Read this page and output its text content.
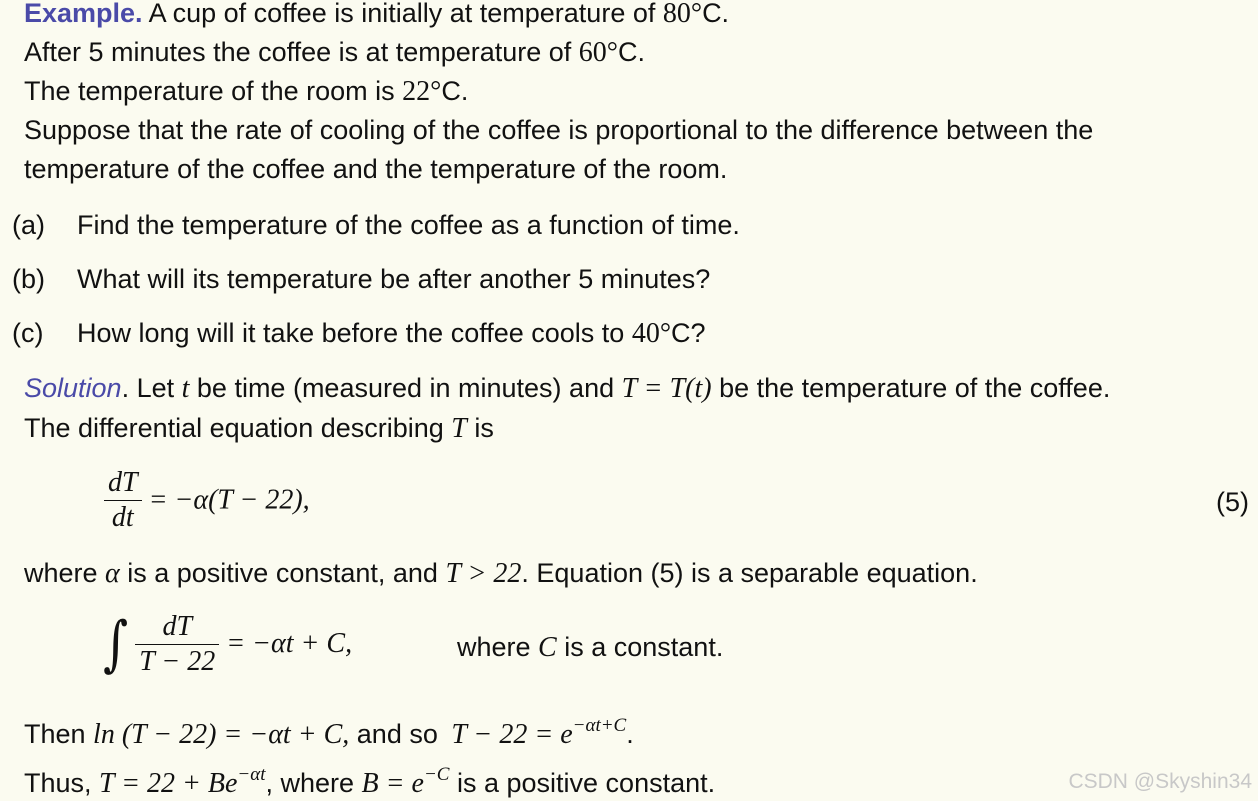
Example. A cup of coffee is initially at temperature of 80°C.
After 5 minutes the coffee is at temperature of 60°C.
The temperature of the room is 22°C.
Suppose that the rate of cooling of the coffee is proportional to the difference between the
temperature of the coffee and the temperature of the room.
(a) Find the temperature of the coffee as a function of time.
(b) What will its temperature be after another 5 minutes?
(c) How long will it take before the coffee cools to 40°C?
Solution. Let t be time (measured in minutes) and T = T(t) be the temperature of the coffee.
The differential equation describing T is
$\frac{dT}{dt} = -\alpha(T - 22)$,	(5)
where α is a positive constant, and T > 22. Equation (5) is a separable equation.
∫ $\frac{dT}{T - 22} = -\alpha t + C$,	where C is a constant.
Then ln (T − 22) = −αt + C, and so $T - 22 = e^{-\alpha t+C}$.
Thus, $T = 22 + Be^{-\alpha t}$, where $B = e^{-C}$ is a positive constant.	CSDN @Skyshin34
